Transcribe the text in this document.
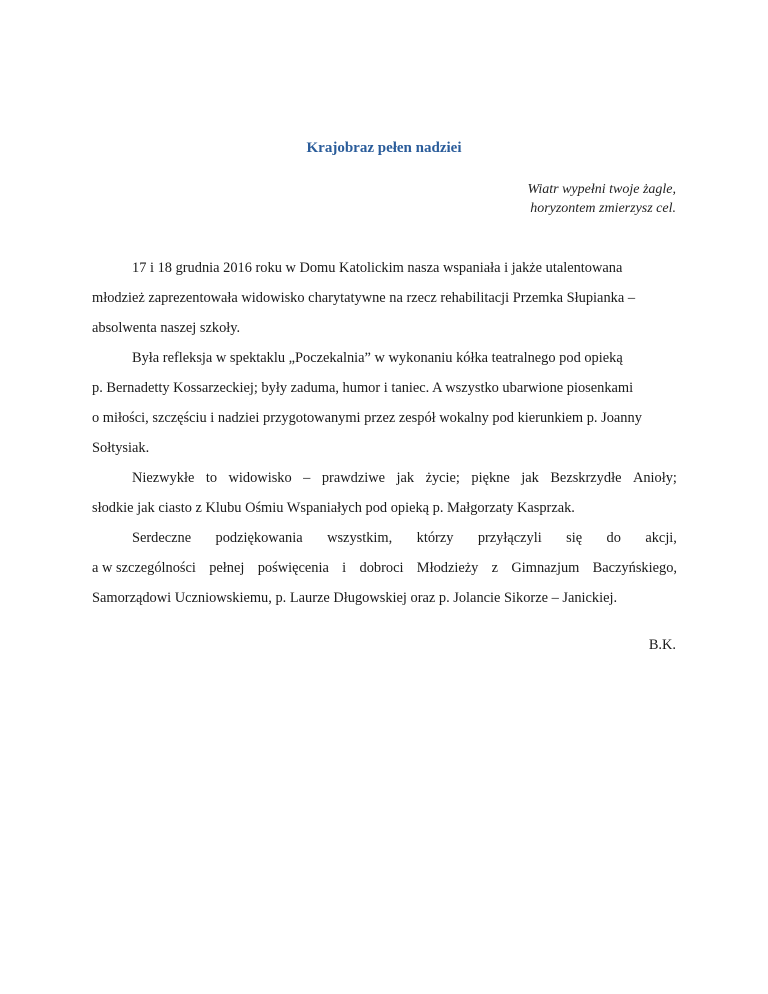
Krajobraz pełen nadziei
Wiatr wypełni twoje żagle,
horyzontem zmierzysz cel.
17 i 18 grudnia 2016 roku w Domu Katolickim nasza wspaniała i jakże utalentowana
młodzież zaprezentowała widowisko charytatywne na rzecz rehabilitacji Przemka Słupianka –
absolwenta naszej szkoły.
Była refleksja w spektaklu „Poczekalnia” w wykonaniu kółka teatralnego pod opieką
p. Bernadetty Kossarzeckiej; były zaduma, humor i taniec. A wszystko ubarwione piosenkami
o miłości, szczęściu i nadziei przygotowanymi przez zespół wokalny pod kierunkiem p. Joanny
Sołtysiak.
Niezwykłe to widowisko – prawdziwe jak życie; piękne jak Bezskrzydłe Anioły;
słodkie jak ciasto z Klubu Ośmiu Wspaniałych pod opieką p. Małgorzaty Kasprzak.
Serdeczne podziękowania wszystkim, którzy przyłączyli się do akcji,
a w szczególności pełnej poświęcenia i dobroci Młodzieży z Gimnazjum Baczyńskiego,
Samorządowi Uczniowskiemu, p. Laurze Długowskiej oraz p. Jolancie Sikorze – Janickiej.
B.K.
